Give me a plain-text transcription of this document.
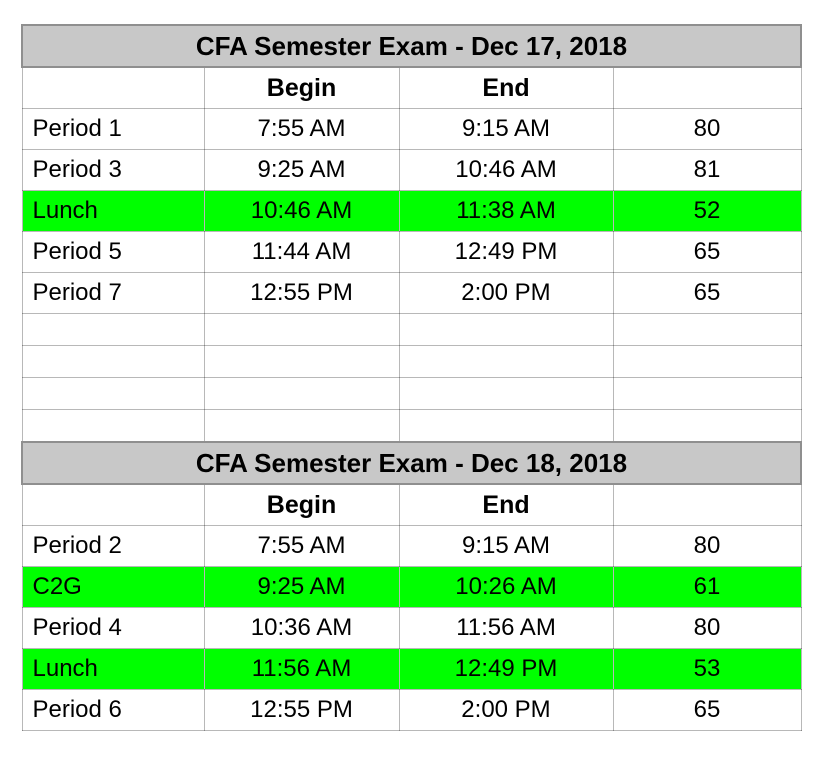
CFA Semester Exam - Dec 17, 2018			
	Begin	End	
Period 1	7:55 AM	9:15 AM	80
Period 3	9:25 AM	10:46 AM	81
Lunch	10:46 AM	11:38 AM	52
Period 5	11:44 AM	12:49 PM	65
Period 7	12:55 PM	2:00 PM	65

CFA Semester Exam - Dec 18, 2018			
	Begin	End	
Period 2	7:55 AM	9:15 AM	80
C2G	9:25 AM	10:26 AM	61
Period 4	10:36 AM	11:56 AM	80
Lunch	11:56 AM	12:49 PM	53
Period 6	12:55 PM	2:00 PM	65
